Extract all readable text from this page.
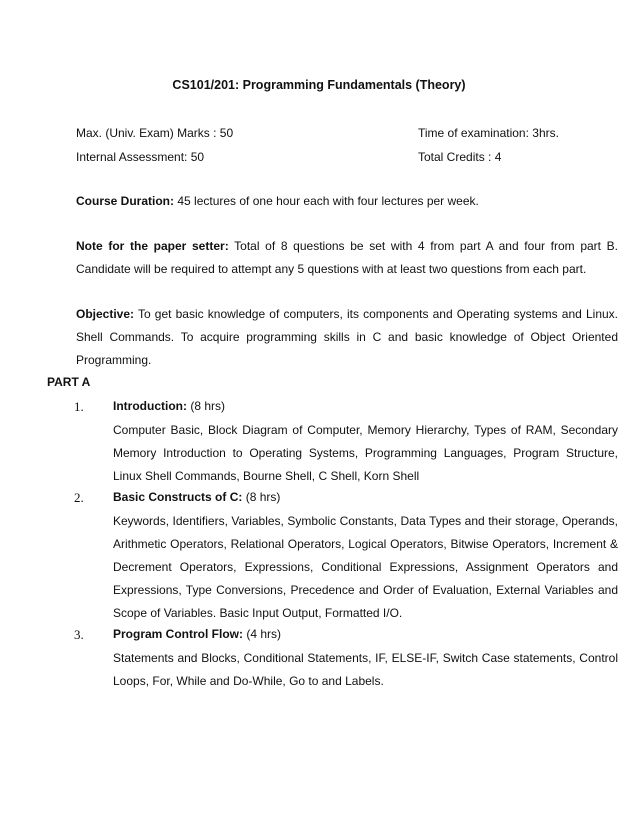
CS101/201: Programming Fundamentals (Theory)
Max. (Univ. Exam) Marks : 50	Time of examination: 3hrs.
Internal Assessment: 50	Total Credits : 4
Course Duration: 45 lectures of one hour each with four lectures per week.
Note for the paper setter: Total of 8 questions be set with 4 from part A and four from part B. Candidate will be required to attempt any 5 questions with at least two questions from each part.
Objective: To get basic knowledge of computers, its components and Operating systems and Linux. Shell Commands. To acquire programming skills in C and basic knowledge of Object Oriented Programming.
PART A
1. Introduction: (8 hrs)
Computer Basic, Block Diagram of Computer, Memory Hierarchy, Types of RAM, Secondary Memory Introduction to Operating Systems, Programming Languages, Program Structure, Linux Shell Commands, Bourne Shell, C Shell, Korn Shell
2. Basic Constructs of C: (8 hrs)
Keywords, Identifiers, Variables, Symbolic Constants, Data Types and their storage, Operands, Arithmetic Operators, Relational Operators, Logical Operators, Bitwise Operators, Increment & Decrement Operators, Expressions, Conditional Expressions, Assignment Operators and Expressions, Type Conversions, Precedence and Order of Evaluation, External Variables and Scope of Variables. Basic Input Output, Formatted I/O.
3. Program Control Flow: (4 hrs)
Statements and Blocks, Conditional Statements, IF, ELSE-IF, Switch Case statements, Control Loops, For, While and Do-While, Go to and Labels.
